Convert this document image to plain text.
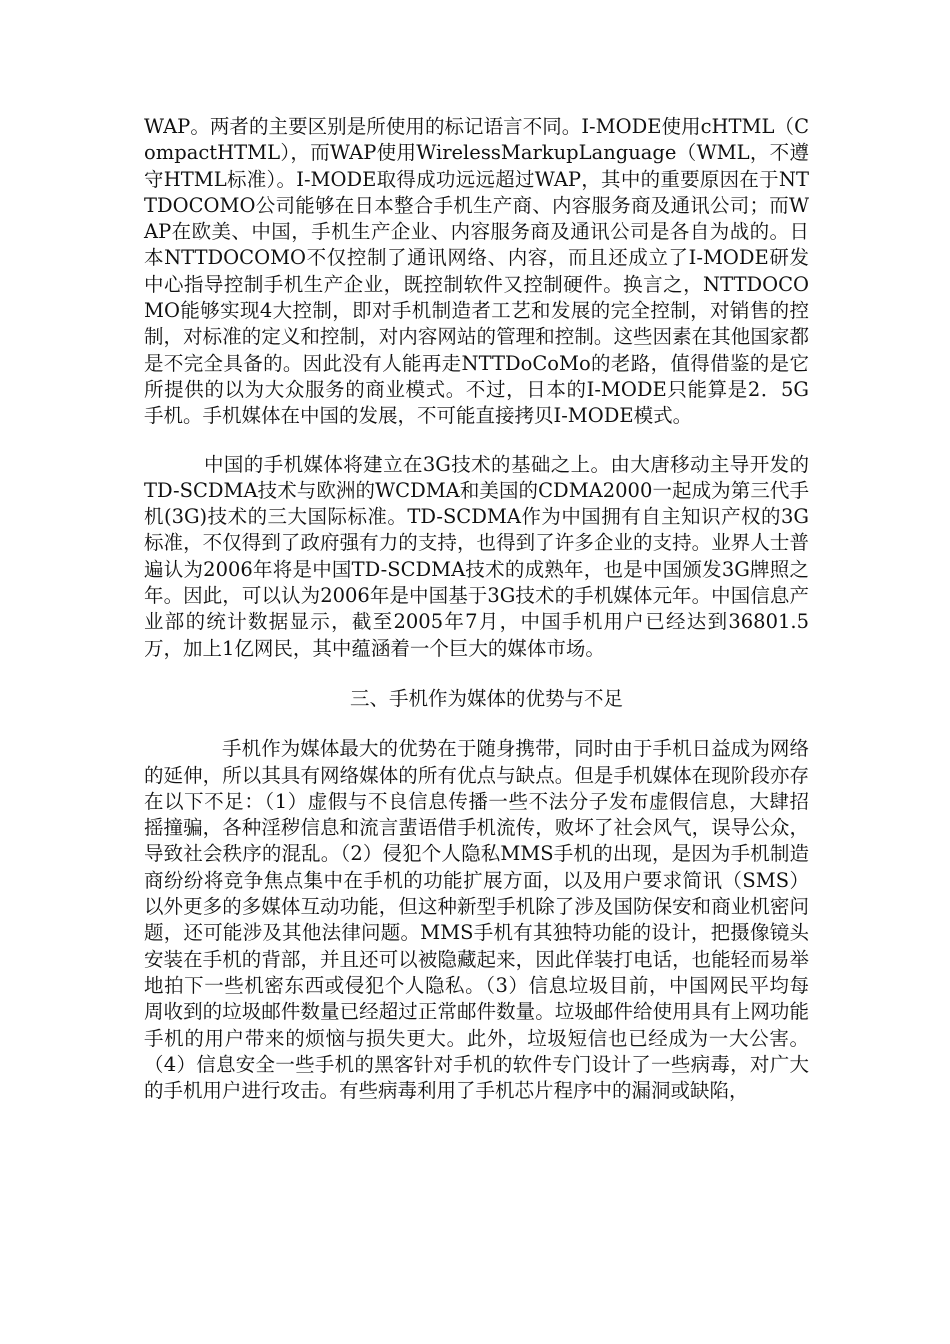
WAP。两者的主要区别是所使用的标记语言不同。I-MODE使用cHTML（CompactHTML），而WAP使用WirelessMarkupLanguage（WML，不遵守HTML标准）。I-MODE取得成功远远超过WAP，其中的重要原因在于NTTDOCOMO公司能够在日本整合手机生产商、内容服务商及通讯公司；而WAP在欧美、中国，手机生产企业、内容服务商及通讯公司是各自为战的。日本NTTDOCOMO不仅控制了通讯网络、内容，而且还成立了I-MODE研发中心指导控制手机生产企业，既控制软件又控制硬件。换言之，NTTDOCOMO能够实现4大控制，即对手机制造者工艺和发展的完全控制，对销售的控制，对标准的定义和控制，对内容网站的管理和控制。这些因素在其他国家都是不完全具备的。因此没有人能再走NTTDoCoMo的老路，值得借鉴的是它所提供的以为大众服务的商业模式。不过，日本的I-MODE只能算是2．5G手机。手机媒体在中国的发展，不可能直接拷贝I-MODE模式。

中国的手机媒体将建立在3G技术的基础之上。由大唐移动主导开发的TD-SCDMA技术与欧洲的WCDMA和美国的CDMA2000一起成为第三代手机(3G)技术的三大国际标准。TD-SCDMA作为中国拥有自主知识产权的3G标准，不仅得到了政府强有力的支持，也得到了许多企业的支持。业界人士普遍认为2006年将是中国TD-SCDMA技术的成熟年，也是中国颁发3G牌照之年。因此，可以认为2006年是中国基于3G技术的手机媒体元年。中国信息产业部的统计数据显示，截至2005年7月，中国手机用户已经达到36801.5万，加上1亿网民，其中蕴涵着一个巨大的媒体市场。

三、手机作为媒体的优势与不足

手机作为媒体最大的优势在于随身携带，同时由于手机日益成为网络的延伸，所以其具有网络媒体的所有优点与缺点。但是手机媒体在现阶段亦存在以下不足：（1）虚假与不良信息传播一些不法分子发布虚假信息，大肆招摇撞骗，各种淫秽信息和流言蜚语借手机流传，败坏了社会风气，误导公众，导致社会秩序的混乱。（2）侵犯个人隐私MMS手机的出现，是因为手机制造商纷纷将竞争焦点集中在手机的功能扩展方面，以及用户要求简讯（SMS）以外更多的多媒体互动功能，但这种新型手机除了涉及国防保安和商业机密问题，还可能涉及其他法律问题。MMS手机有其独特功能的设计，把摄像镜头安装在手机的背部，并且还可以被隐藏起来，因此佯装打电话，也能轻而易举地拍下一些机密东西或侵犯个人隐私。（3）信息垃圾目前，中国网民平均每周收到的垃圾邮件数量已经超过正常邮件数量。垃圾邮件给使用具有上网功能手机的用户带来的烦恼与损失更大。此外，垃圾短信也已经成为一大公害。（4）信息安全一些手机的黑客针对手机的软件专门设计了一些病毒，对广大的手机用户进行攻击。有些病毒利用了手机芯片程序中的漏洞或缺陷，
